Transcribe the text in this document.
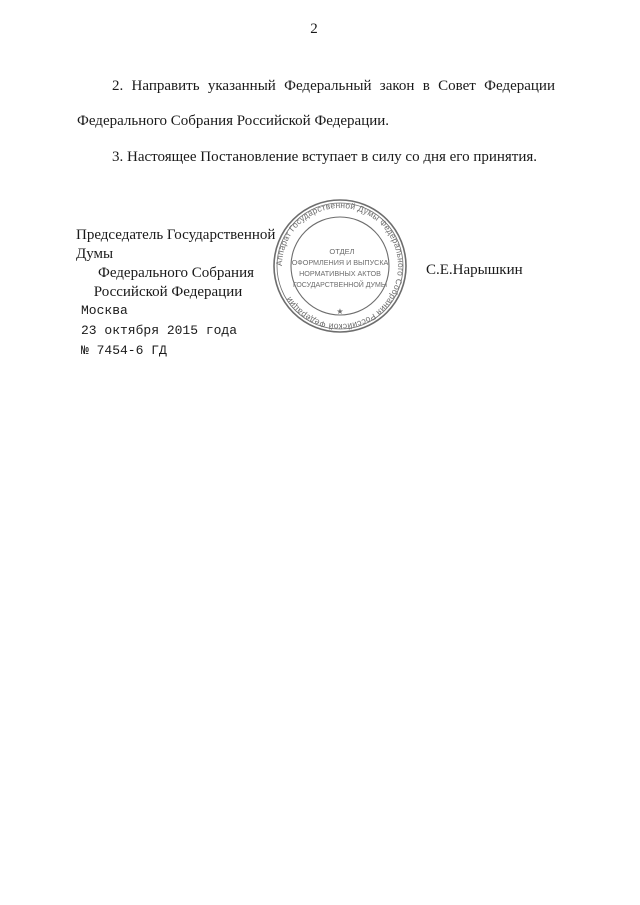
2
2. Направить указанный Федеральный закон в Совет Федерации
Федерального Собрания Российской Федерации.
3. Настоящее Постановление вступает в силу со дня его принятия.
Председатель Государственной Думы
Федерального Собрания
Российской Федерации
Аппарат Государственной Думы Федерального Собрания Российской Федерации
ОТДЕЛ
ОФОРМЛЕНИЯ И ВЫПУСКА
НОРМАТИВНЫХ АКТОВ
ГОСУДАРСТВЕННОЙ ДУМЫ
★
С.Е.Нарышкин
Москва
23 октября 2015 года
№ 7454-6 ГД
